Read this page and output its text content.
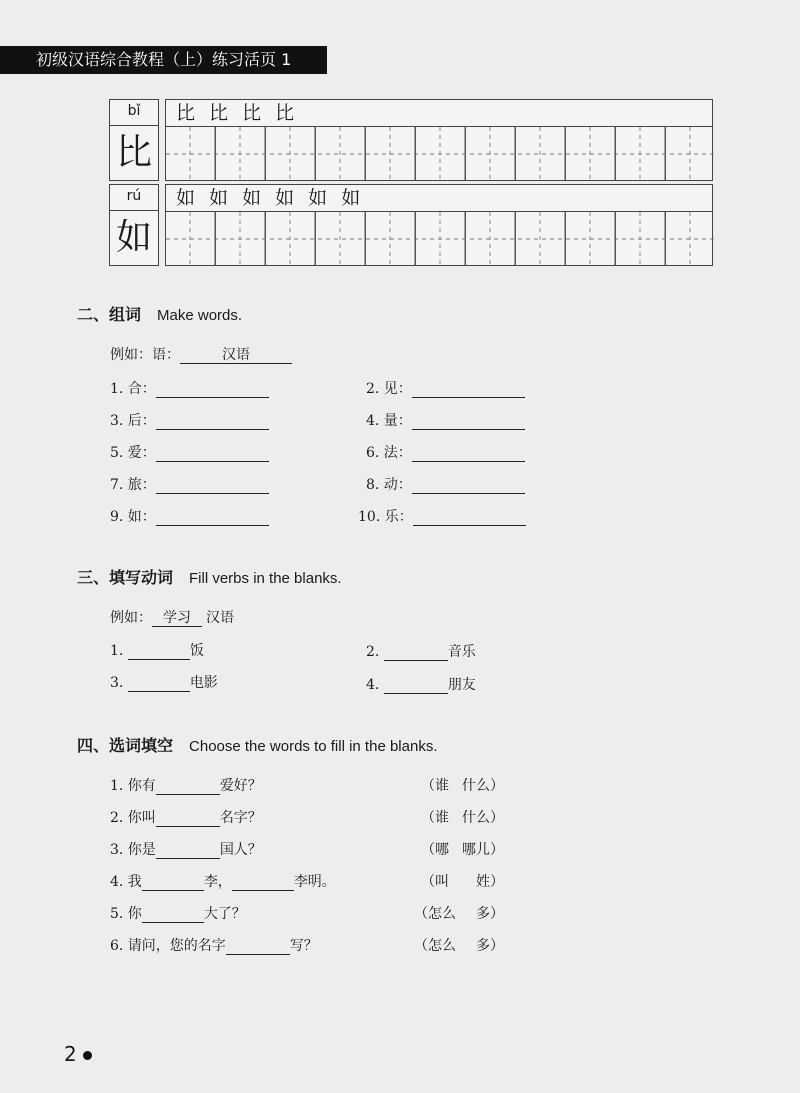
初级汉语综合教程（上）练习活页 1
bǐ
比
比 比 比 比
rú
如
如 如 如 如 如 如
二、组词 Make words.
例如：语：	汉语
1. 合：	2. 见：
3. 后：	4. 量：
5. 爱：	6. 法：
7. 旅：	8. 动：
9. 如：	10. 乐：
三、填写动词 Fill verbs in the blanks.
例如： 学习 汉语
1.	饭	2.	音乐
3.	电影	4.	朋友
四、选词填空 Choose the words to fill in the blanks.
1. 你有	爱好？	（谁 什么）
2. 你叫	名字？	（谁 什么）
3. 你是	国人？	（哪 哪儿）
4. 我	李，	李明。	（叫 姓）
5. 你	大了？	（怎么 多）
6. 请问，您的名字	写？	（怎么 多）
2
